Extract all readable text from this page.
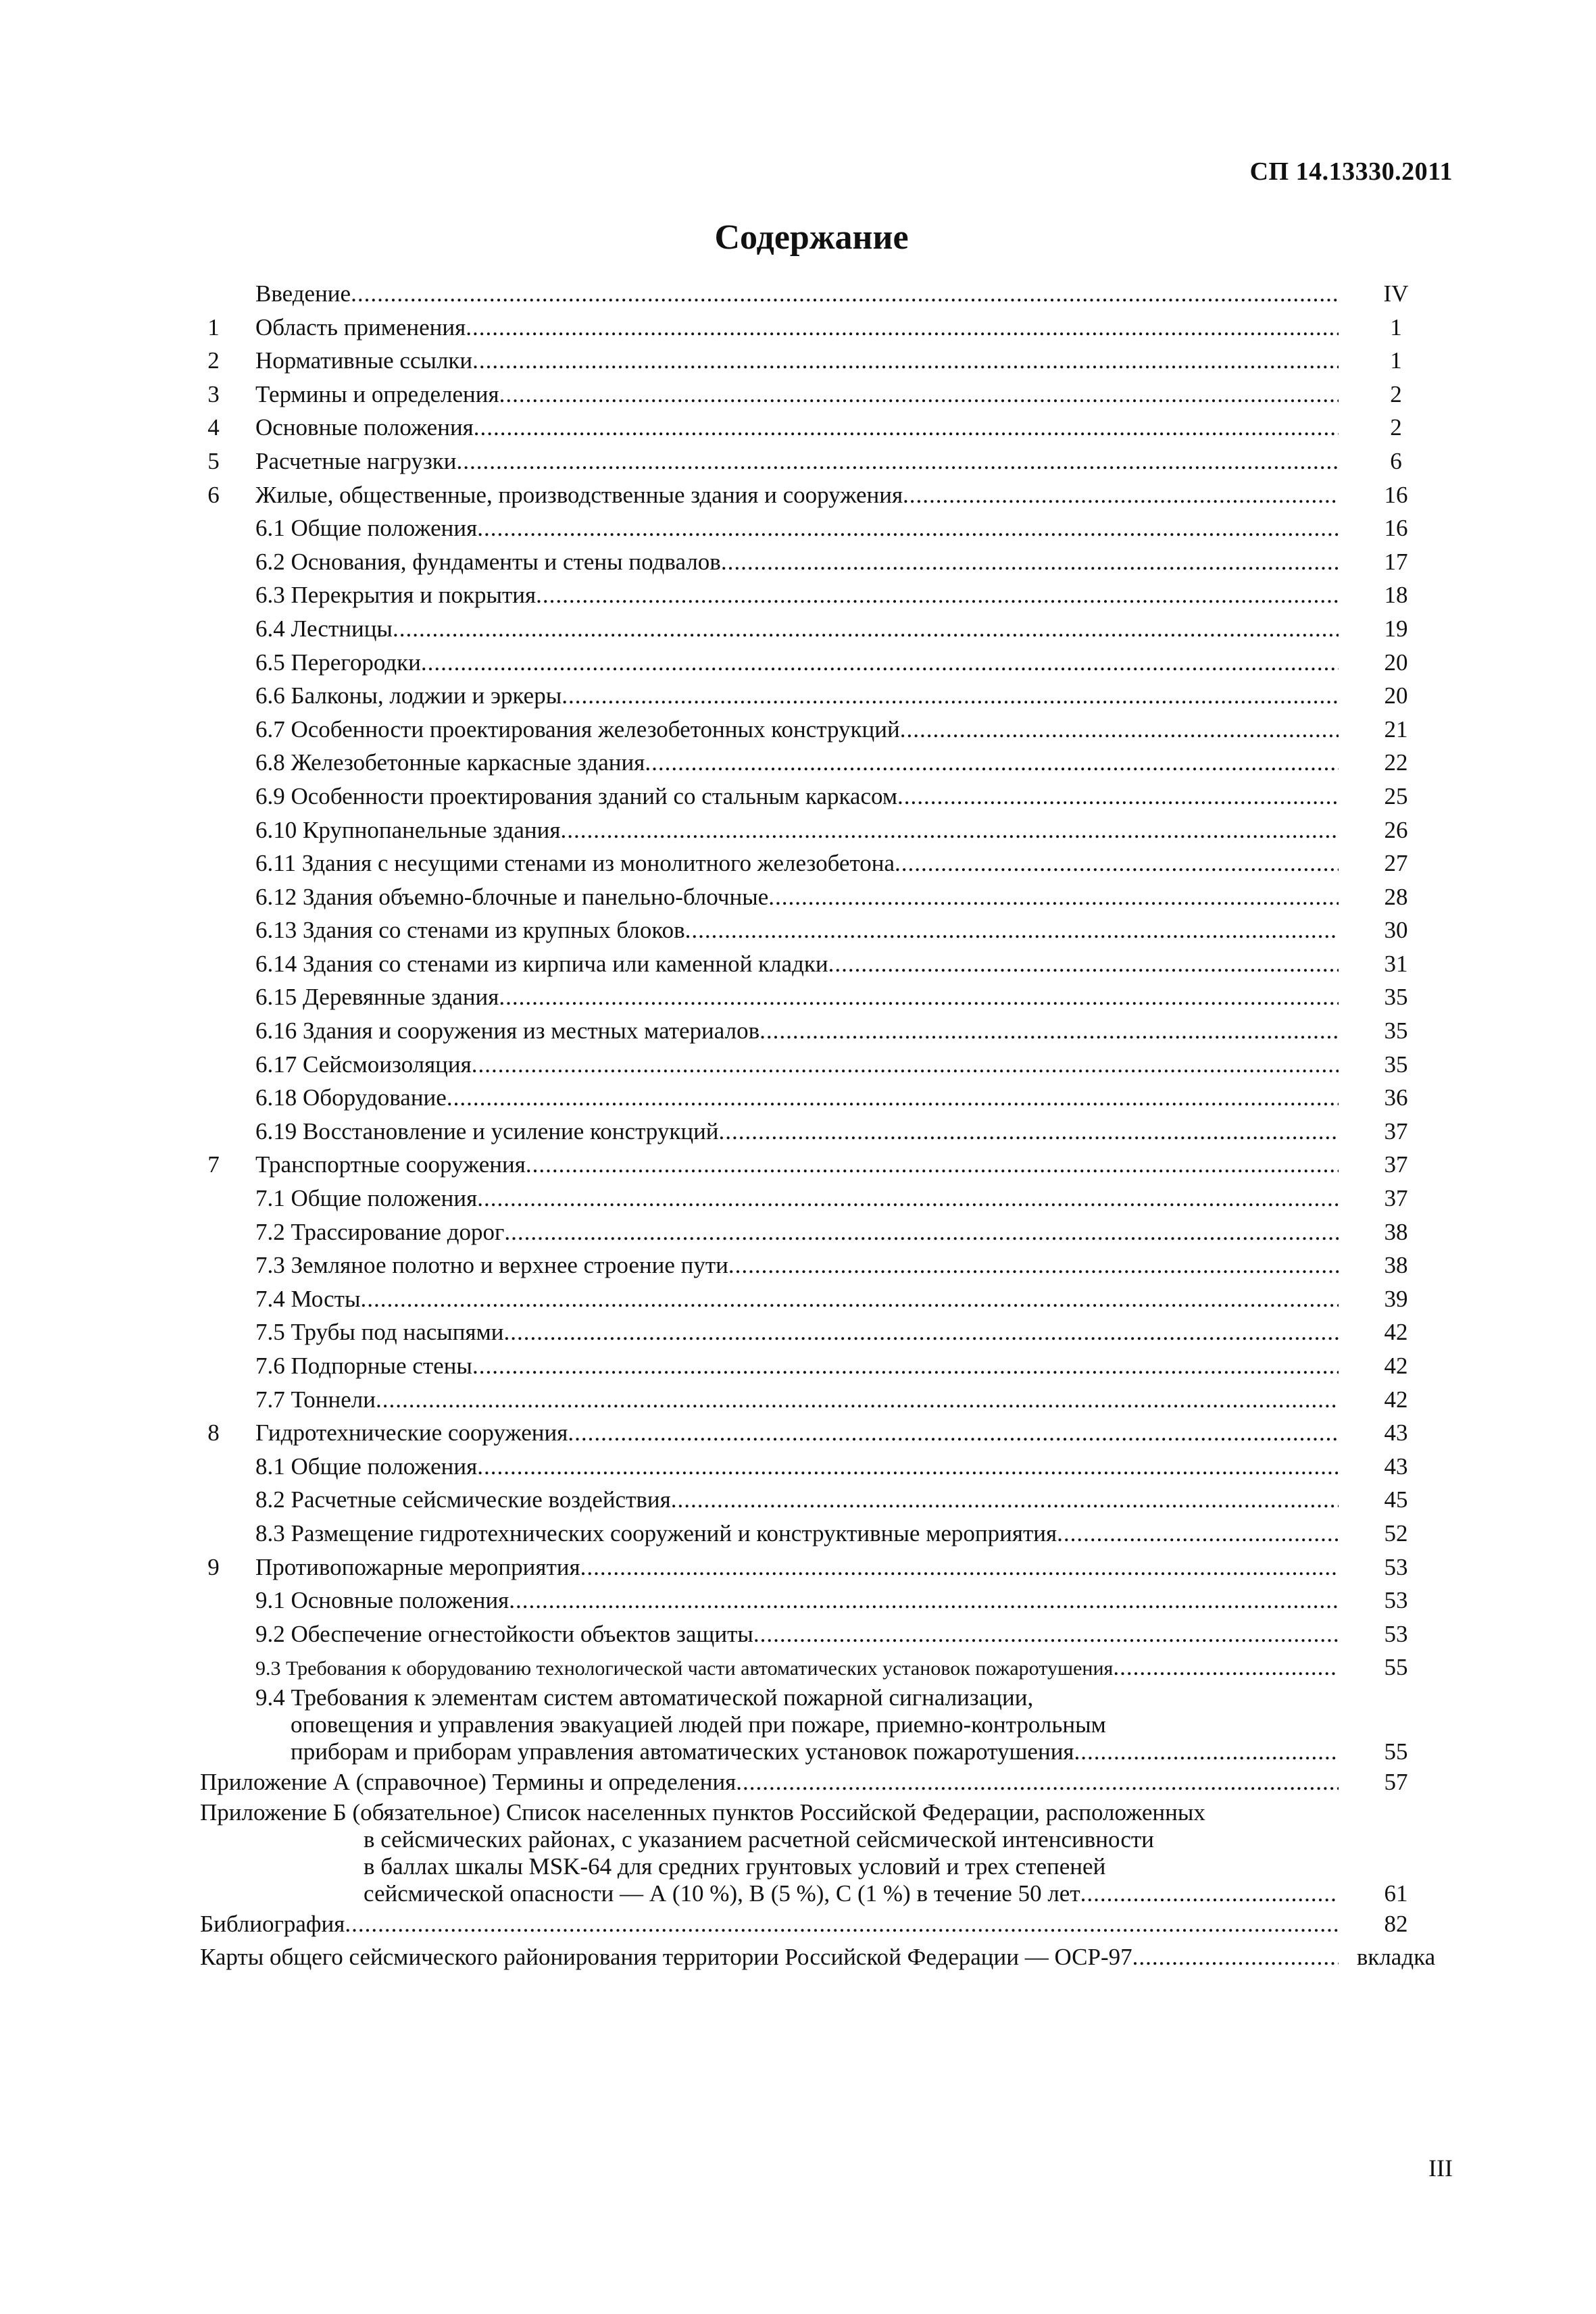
СП 14.13330.2011
Содержание
Введение .....	IV
1	Область применения .....	1
2	Нормативные ссылки .....	1
3	Термины и определения .....	2
4	Основные положения .....	2
5	Расчетные нагрузки .....	6
6	Жилые, общественные, производственные здания и сооружения .....	16
6.1 Общие положения .....	16
6.2 Основания, фундаменты и стены подвалов .....	17
6.3 Перекрытия и покрытия .....	18
6.4 Лестницы .....	19
6.5 Перегородки .....	20
6.6 Балконы, лоджии и эркеры .....	20
6.7 Особенности проектирования железобетонных конструкций .....	21
6.8 Железобетонные каркасные здания .....	22
6.9 Особенности проектирования зданий со стальным каркасом .....	25
6.10 Крупнопанельные здания .....	26
6.11 Здания с несущими стенами из монолитного железобетона .....	27
6.12 Здания объемно-блочные и панельно-блочные .....	28
6.13 Здания со стенами из крупных блоков .....	30
6.14 Здания со стенами из кирпича или каменной кладки .....	31
6.15 Деревянные здания .....	35
6.16 Здания и сооружения из местных материалов .....	35
6.17 Сейсмоизоляция .....	35
6.18 Оборудование .....	36
6.19 Восстановление и усиление конструкций .....	37
7	Транспортные сооружения .....	37
7.1 Общие положения .....	37
7.2 Трассирование дорог .....	38
7.3 Земляное полотно и верхнее строение пути .....	38
7.4 Мосты .....	39
7.5 Трубы под насыпями .....	42
7.6 Подпорные стены .....	42
7.7 Тоннели .....	42
8	Гидротехнические сооружения .....	43
8.1 Общие положения .....	43
8.2 Расчетные сейсмические воздействия .....	45
8.3 Размещение гидротехнических сооружений и конструктивные мероприятия .....	52
9	Противопожарные мероприятия .....	53
9.1 Основные положения .....	53
9.2 Обеспечение огнестойкости объектов защиты .....	53
9.3 Требования к оборудованию технологической части автоматических установок пожаротушения .....	55
9.4 Требования к элементам систем автоматической пожарной сигнализации,
оповещения и управления эвакуацией людей при пожаре, приемно-контрольным
приборам и приборам управления автоматических установок пожаротушения .....	55
Приложение А (справочное) Термины и определения .....	57
Приложение Б (обязательное) Список населенных пунктов Российской Федерации, расположенных
в сейсмических районах, с указанием расчетной сейсмической интенсивности
в баллах шкалы MSK-64 для средних грунтовых условий и трех степеней
сейсмической опасности — А (10 %), В (5 %), С (1 %) в течение 50 лет .....	61
Библиография .....	82
Карты общего сейсмического районирования территории Российской Федерации — ОСР-97 .....	вкладка
III
